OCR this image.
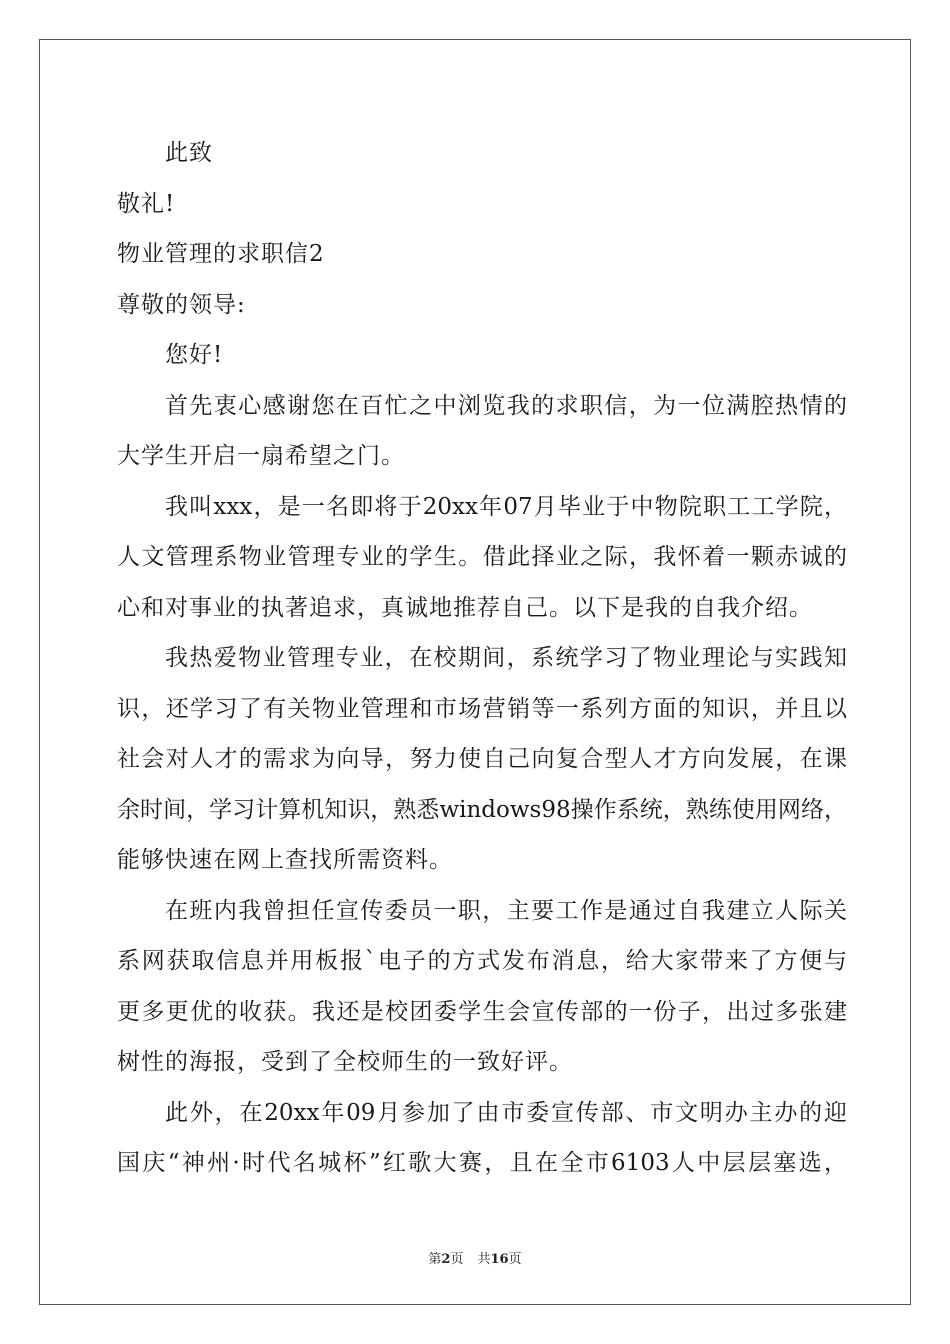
此致
敬礼!
物业管理的求职信2
尊敬的领导:
您好!
首先衷心感谢您在百忙之中浏览我的求职信，为一位满腔热情的
大学生开启一扇希望之门。
我叫xxx，是一名即将于20xx年07月毕业于中物院职工工学院，
人文管理系物业管理专业的学生。借此择业之际，我怀着一颗赤诚的
心和对事业的执著追求，真诚地推荐自己。以下是我的自我介绍。
我热爱物业管理专业，在校期间，系统学习了物业理论与实践知
识，还学习了有关物业管理和市场营销等一系列方面的知识，并且以
社会对人才的需求为向导，努力使自己向复合型人才方向发展，在课
余时间，学习计算机知识，熟悉windows98操作系统，熟练使用网络，
能够快速在网上查找所需资料。
在班内我曾担任宣传委员一职，主要工作是通过自我建立人际关
系网获取信息并用板报`电子的方式发布消息，给大家带来了方便与
更多更优的收获。我还是校团委学生会宣传部的一份子，出过多张建
树性的海报，受到了全校师生的一致好评。
此外，在20xx年09月参加了由市委宣传部、市文明办主办的迎
国庆“神州·时代名城杯”红歌大赛，且在全市6103人中层层塞选，
第2页 共16页
